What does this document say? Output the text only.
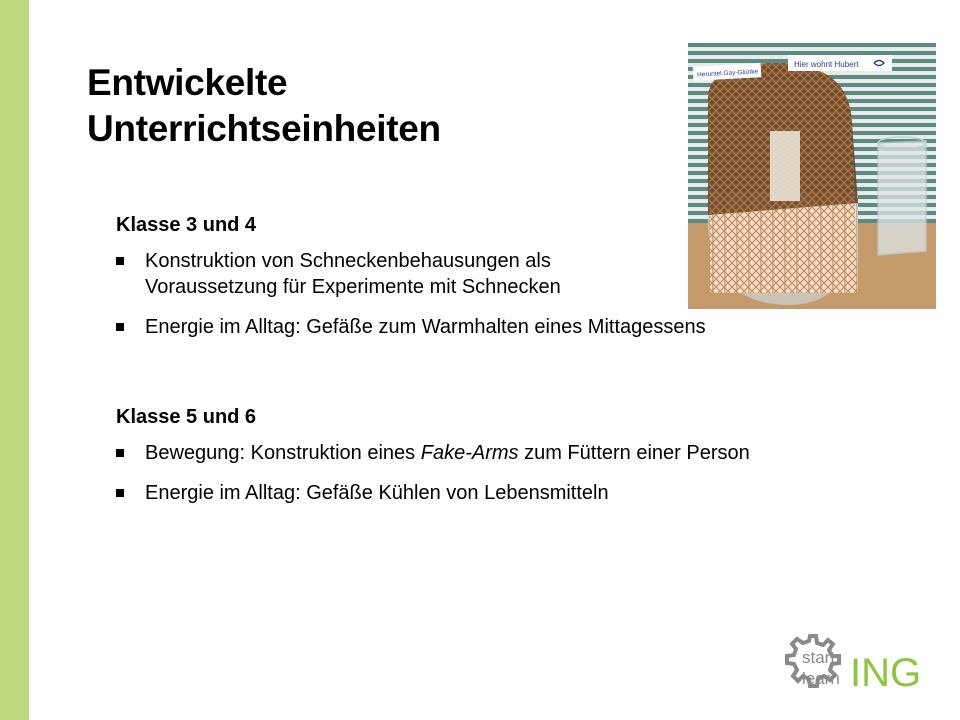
Entwickelte
Unterrichtseinheiten

Klasse 3 und 4

Konstruktion von Schneckenbehausungen als
Voraussetzung für Experimente mit Schnecken
Energie im Alltag: Gefäße zum Warmhalten eines Mittagessens

Klasse 5 und 6

Bewegung: Konstruktion eines Fake-Arms zum Füttern einer Person
Energie im Alltag: Gefäße Kühlen von Lebensmitteln
Heruntel Gay-Glünke
Hier wohnt Hubert
start
learn ING
